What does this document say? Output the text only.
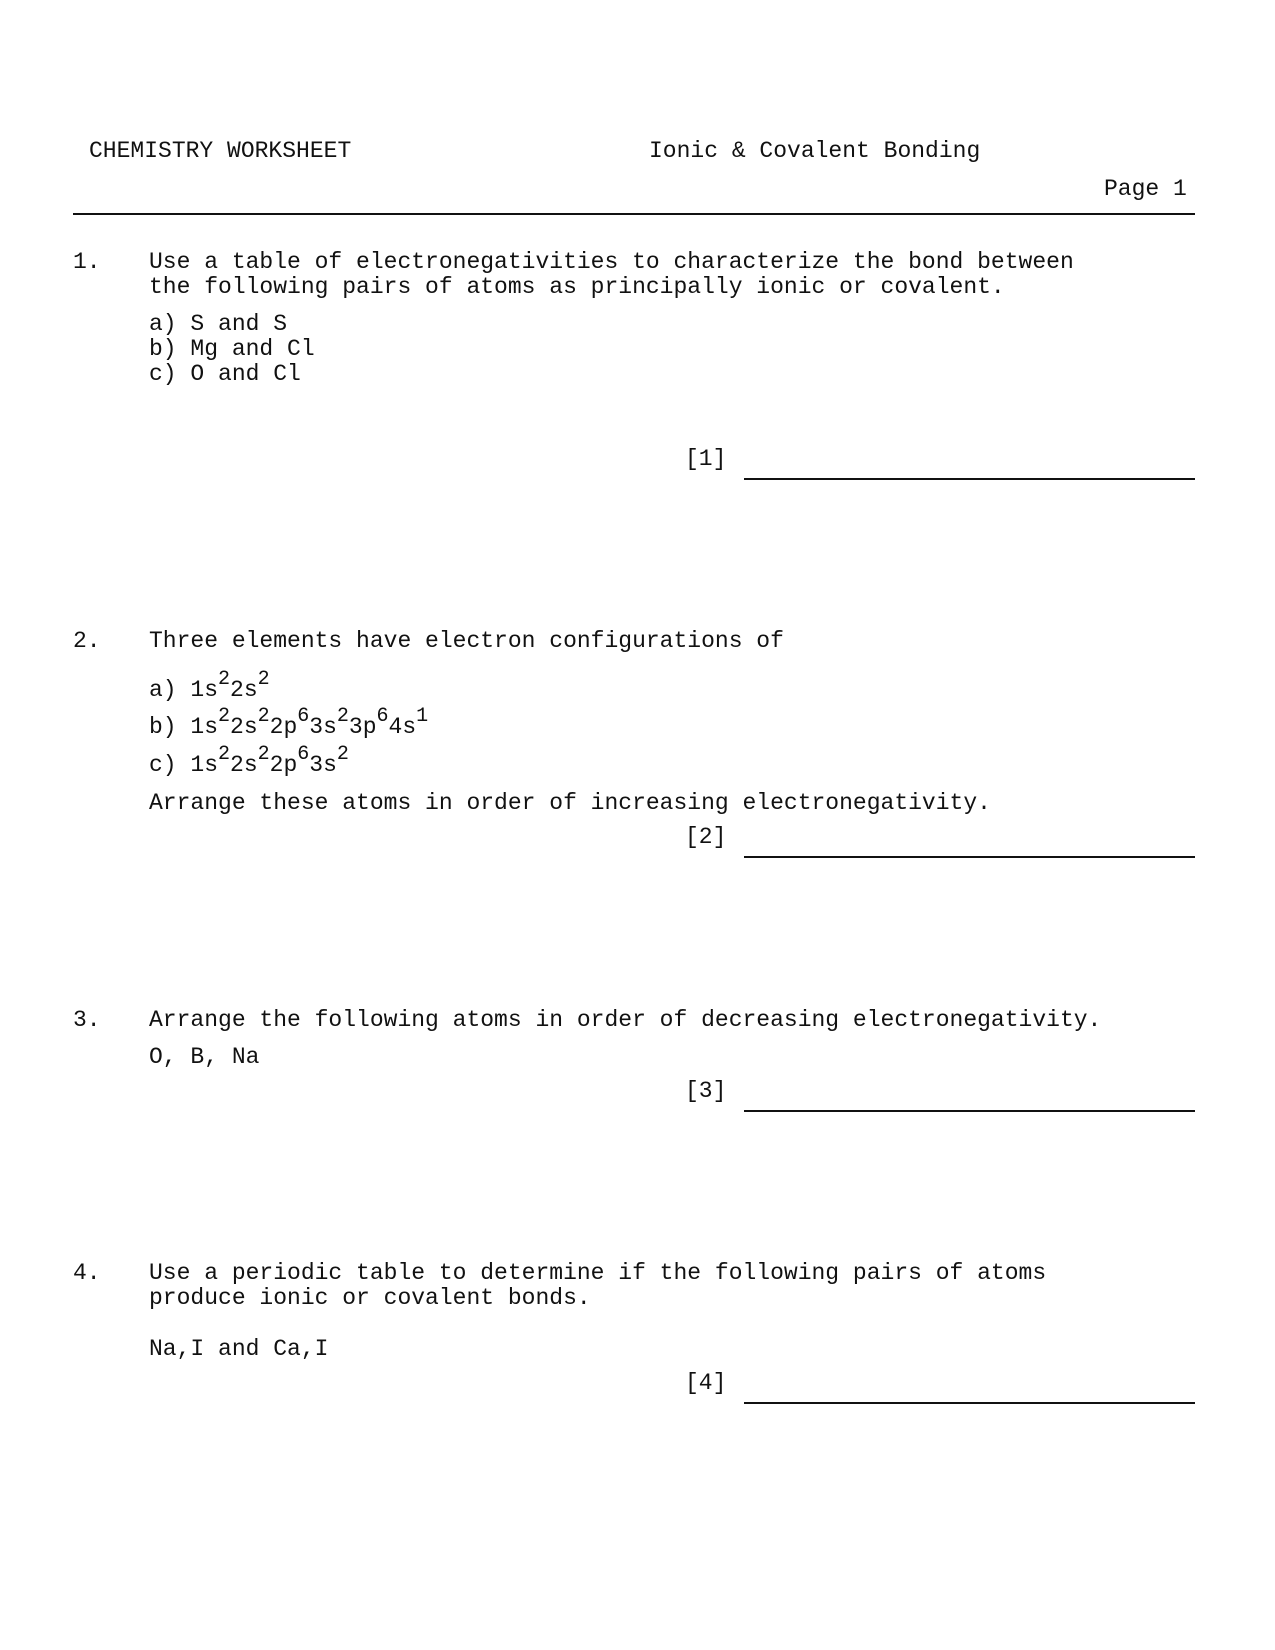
CHEMISTRY WORKSHEET	Ionic & Covalent Bonding
Page 1
1. Use a table of electronegativities to characterize the bond between
the following pairs of atoms as principally ionic or covalent.
a) S and S
b) Mg and Cl
c) O and Cl
[1]
2. Three elements have electron configurations of
a) $1s^22s^2$
b) $1s^22s^22p^63s^23p^64s^1$
c) $1s^22s^22p^63s^2$
Arrange these atoms in order of increasing electronegativity.
[2]
3. Arrange the following atoms in order of decreasing electronegativity.
O, B, Na
[3]
4. Use a periodic table to determine if the following pairs of atoms
produce ionic or covalent bonds.
Na,I and Ca,I
[4]
